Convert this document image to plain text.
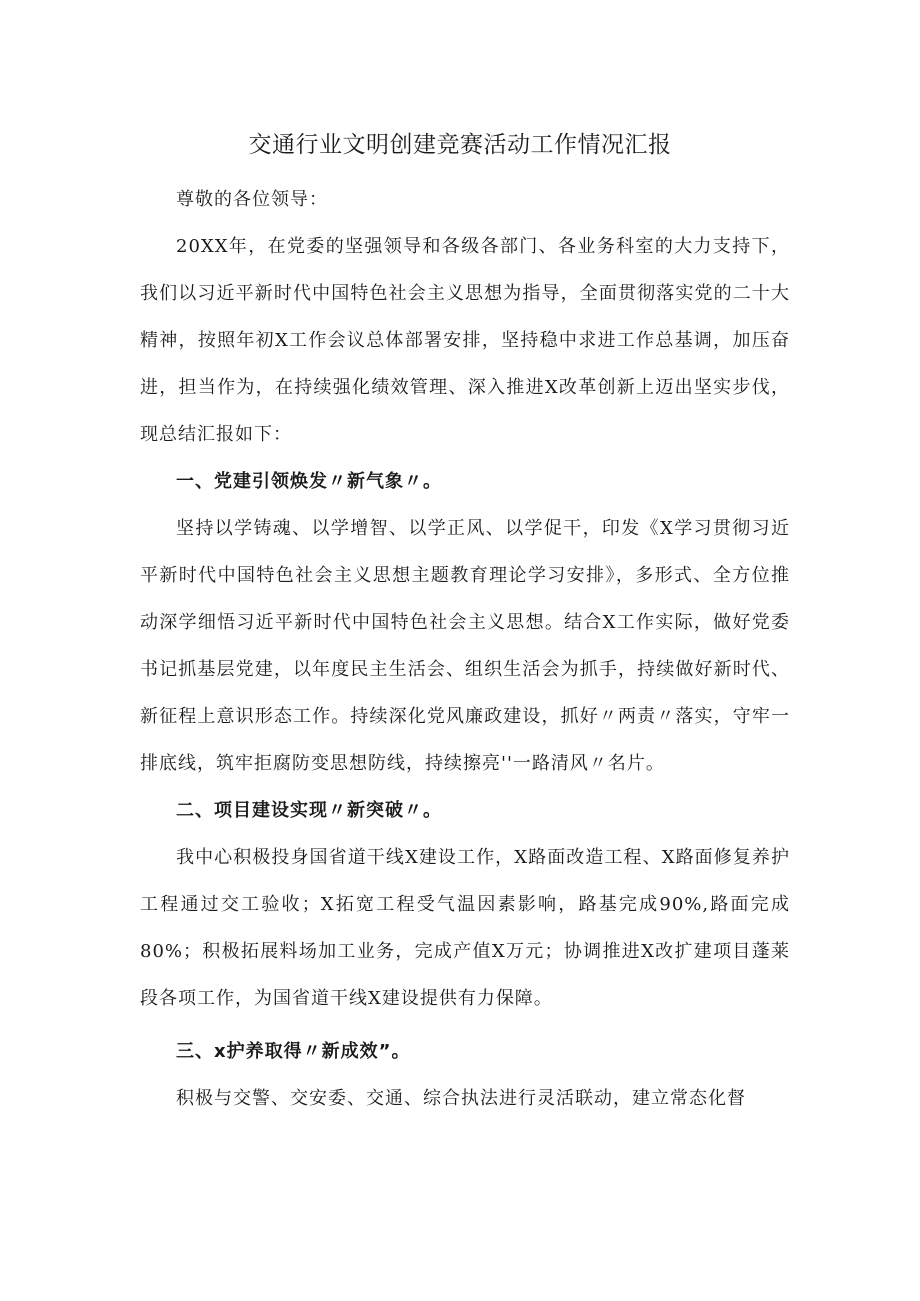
交通行业文明创建竞赛活动工作情况汇报

尊敬的各位领导：

20XX年，在党委的坚强领导和各级各部门、各业务科室的大力支持下，我们以习近平新时代中国特色社会主义思想为指导，全面贯彻落实党的二十大精神，按照年初X工作会议总体部署安排，坚持稳中求进工作总基调，加压奋进，担当作为，在持续强化绩效管理、深入推进X改革创新上迈出坚实步伐，现总结汇报如下：

一、党建引领焕发〃新气象〃。

坚持以学铸魂、以学增智、以学正风、以学促干，印发《X学习贯彻习近平新时代中国特色社会主义思想主题教育理论学习安排》，多形式、全方位推动深学细悟习近平新时代中国特色社会主义思想。结合X工作实际，做好党委书记抓基层党建，以年度民主生活会、组织生活会为抓手，持续做好新时代、新征程上意识形态工作。持续深化党风廉政建设，抓好〃两责〃落实，守牢一排底线，筑牢拒腐防变思想防线，持续擦亮''一路清风〃名片。

二、项目建设实现〃新突破〃。

我中心积极投身国省道干线X建设工作，X路面改造工程、X路面修复养护工程通过交工验收；X拓宽工程受气温因素影响，路基完成90%,路面完成80%；积极拓展料场加工业务，完成产值X万元；协调推进X改扩建项目蓬莱段各项工作，为国省道干线X建设提供有力保障。

三、x护养取得〃新成效”。

积极与交警、交安委、交通、综合执法进行灵活联动，建立常态化督
